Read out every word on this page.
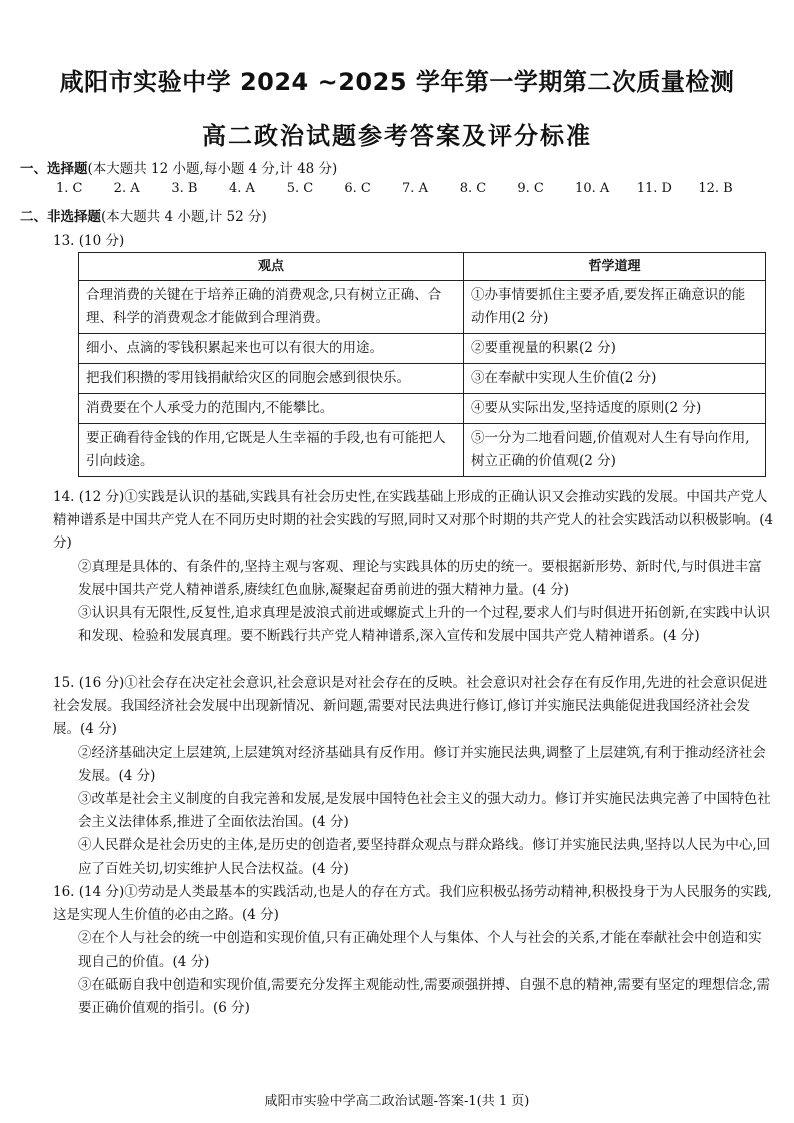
咸阳市实验中学 2024 ~2025 学年第一学期第二次质量检测
高二政治试题参考答案及评分标准
一、选择题(本大题共 12 小题,每小题 4 分,计 48 分)
1. C	2. A	3. B	4. A	5. C	6. C	7. A	8. C	9. C	10. A	11. D	12. B
二、非选择题(本大题共 4 小题,计 52 分)
13. (10 分)
观点	哲学道理
合理消费的关键在于培养正确的消费观念,只有树立正确、合理、科学的消费观念才能做到合理消费。	①办事情要抓住主要矛盾,要发挥正确意识的能动作用(2 分)
细小、点滴的零钱积累起来也可以有很大的用途。	②要重视量的积累(2 分)
把我们积攒的零用钱捐献给灾区的同胞会感到很快乐。	③在奉献中实现人生价值(2 分)
消费要在个人承受力的范围内,不能攀比。	④要从实际出发,坚持适度的原则(2 分)
要正确看待金钱的作用,它既是人生幸福的手段,也有可能把人引向歧途。	⑤一分为二地看问题,价值观对人生有导向作用,树立正确的价值观(2 分)

14. (12 分)①实践是认识的基础,实践具有社会历史性,在实践基础上形成的正确认识又会推动实践的发展。中国共产党人精神谱系是中国共产党人在不同历史时期的社会实践的写照,同时又对那个时期的共产党人的社会实践活动以积极影响。(4 分)

②真理是具体的、有条件的,坚持主观与客观、理论与实践具体的历史的统一。要根据新形势、新时代,与时俱进丰富发展中国共产党人精神谱系,赓续红色血脉,凝聚起奋勇前进的强大精神力量。(4 分)

③认识具有无限性,反复性,追求真理是波浪式前进或螺旋式上升的一个过程,要求人们与时俱进开拓创新,在实践中认识和发现、检验和发展真理。要不断践行共产党人精神谱系,深入宣传和发展中国共产党人精神谱系。(4 分)

15. (16 分)①社会存在决定社会意识,社会意识是对社会存在的反映。社会意识对社会存在有反作用,先进的社会意识促进社会发展。我国经济社会发展中出现新情况、新问题,需要对民法典进行修订,修订并实施民法典能促进我国经济社会发展。(4 分)

②经济基础决定上层建筑,上层建筑对经济基础具有反作用。修订并实施民法典,调整了上层建筑,有利于推动经济社会发展。(4 分)

③改革是社会主义制度的自我完善和发展,是发展中国特色社会主义的强大动力。修订并实施民法典完善了中国特色社会主义法律体系,推进了全面依法治国。(4 分)

④人民群众是社会历史的主体,是历史的创造者,要坚持群众观点与群众路线。修订并实施民法典,坚持以人民为中心,回应了百姓关切,切实维护人民合法权益。(4 分)

16. (14 分)①劳动是人类最基本的实践活动,也是人的存在方式。我们应积极弘扬劳动精神,积极投身于为人民服务的实践,这是实现人生价值的必由之路。(4 分)

②在个人与社会的统一中创造和实现价值,只有正确处理个人与集体、个人与社会的关系,才能在奉献社会中创造和实现自己的价值。(4 分)

③在砥砺自我中创造和实现价值,需要充分发挥主观能动性,需要顽强拼搏、自强不息的精神,需要有坚定的理想信念,需要正确价值观的指引。(6 分)

咸阳市实验中学高二政治试题-答案-1(共 1 页)
